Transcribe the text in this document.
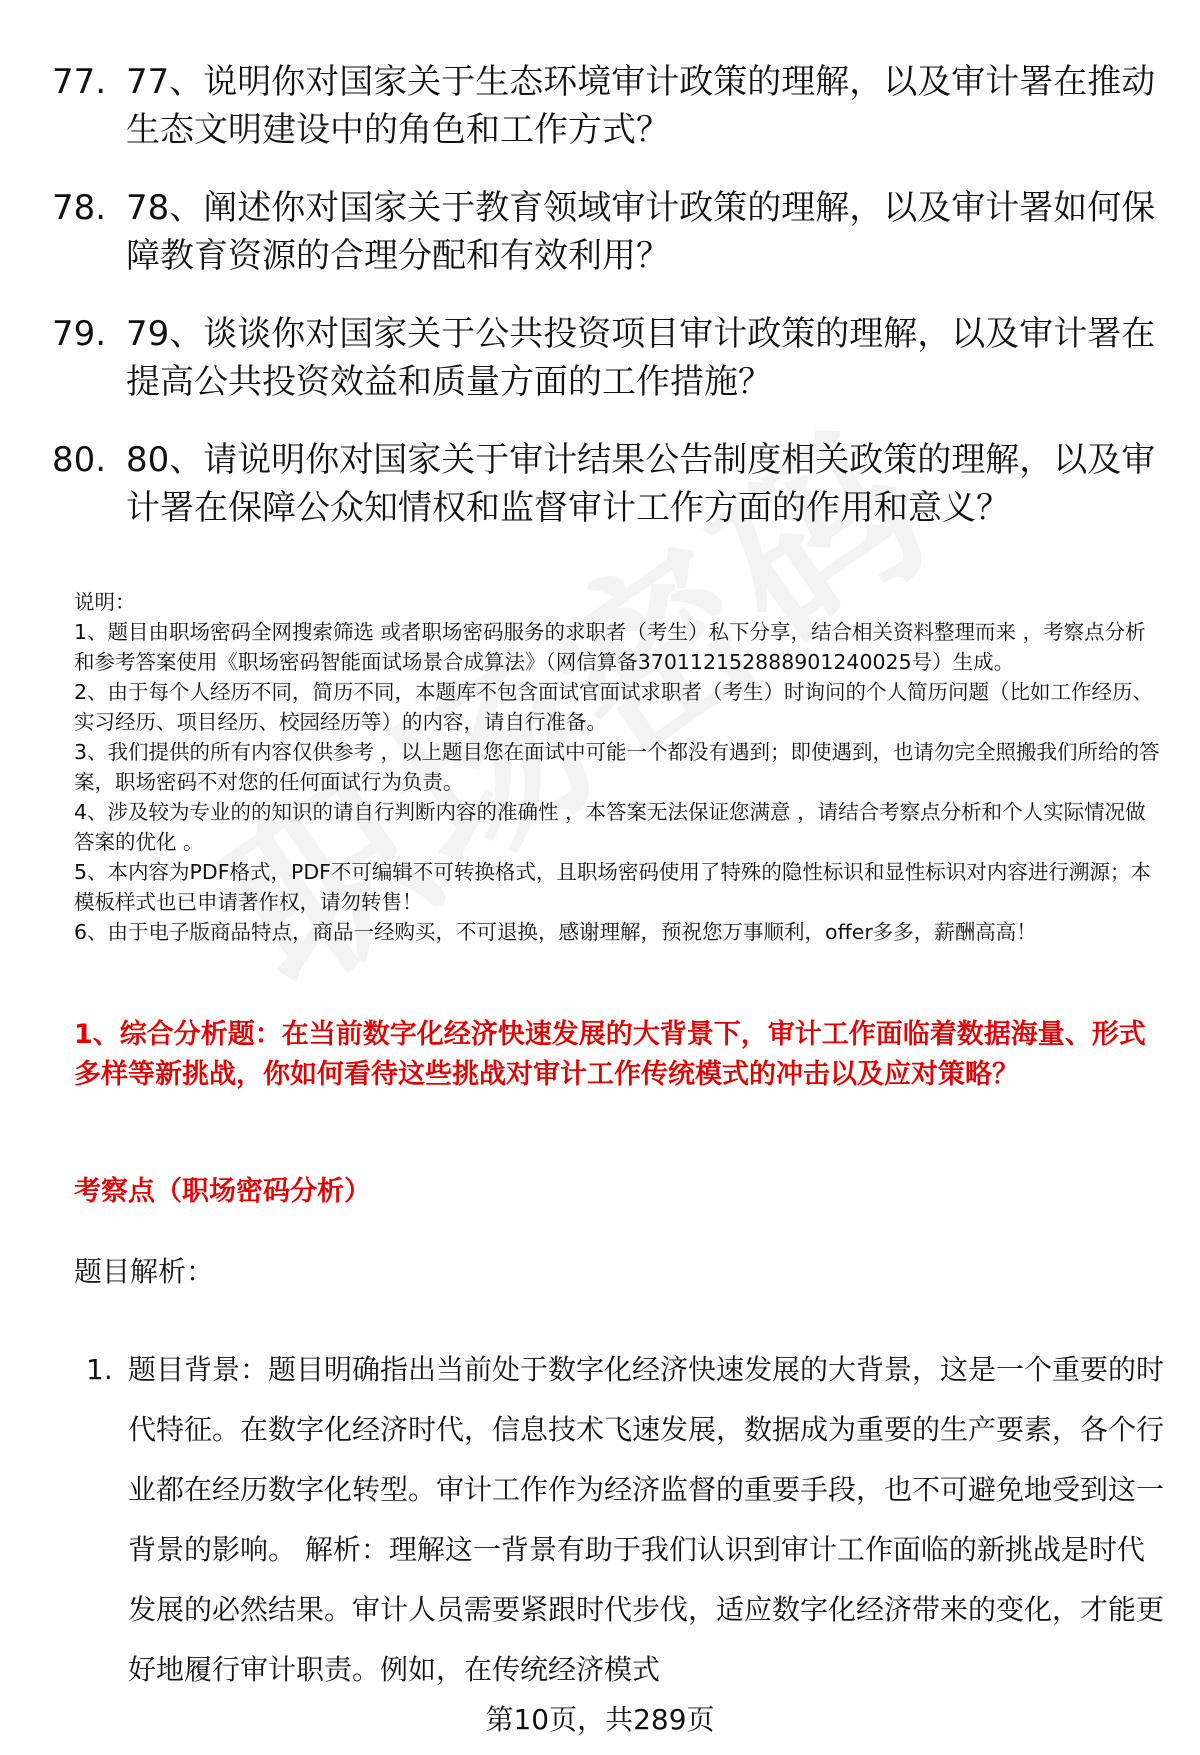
77. 77、说明你对国家关于生态环境审计政策的理解，以及审计署在推动生态文明建设中的角色和工作方式？
78. 78、阐述你对国家关于教育领域审计政策的理解，以及审计署如何保障教育资源的合理分配和有效利用？
79. 79、谈谈你对国家关于公共投资项目审计政策的理解，以及审计署在提高公共投资效益和质量方面的工作措施？
80. 80、请说明你对国家关于审计结果公告制度相关政策的理解，以及审计署在保障公众知情权和监督审计工作方面的作用和意义？

说明：

1、题目由职场密码全网搜索筛选 或者职场密码服务的求职者（考生）私下分享，结合相关资料整理而来 ，考察点分析和参考答案使用《职场密码智能面试场景合成算法》（网信算备370112152888901240025号）生成。

2、由于每个人经历不同，简历不同，本题库不包含面试官面试求职者（考生）时询问的个人简历问题（比如工作经历、实习经历、项目经历、校园经历等）的内容，请自行准备。

3、我们提供的所有内容仅供参考 ，以上题目您在面试中可能一个都没有遇到；即使遇到，也请勿完全照搬我们所给的答案，职场密码不对您的任何面试行为负责。

4、涉及较为专业的的知识的请自行判断内容的准确性 ，本答案无法保证您满意 ，请结合考察点分析和个人实际情况做答案的优化 。

5、本内容为PDF格式，PDF不可编辑不可转换格式，且职场密码使用了特殊的隐性标识和显性标识对内容进行溯源；本模板样式也已申请著作权，请勿转售！

6、由于电子版商品特点，商品一经购买，不可退换，感谢理解，预祝您万事顺利，offer多多，薪酬高高！

1、综合分析题：在当前数字化经济快速发展的大背景下，审计工作面临着数据海量、形式多样等新挑战，你如何看待这些挑战对审计工作传统模式的冲击以及应对策略？

考察点（职场密码分析）

题目解析：

1. 题目背景：题目明确指出当前处于数字化经济快速发展的大背景，这是一个重要的时代特征。在数字化经济时代，信息技术飞速发展，数据成为重要的生产要素，各个行业都在经历数字化转型。审计工作作为经济监督的重要手段，也不可避免地受到这一背景的影响。 解析：理解这一背景有助于我们认识到审计工作面临的新挑战是时代发展的必然结果。审计人员需要紧跟时代步伐，适应数字化经济带来的变化，才能更好地履行审计职责。例如，在传统经济模式

第10页，共289页
